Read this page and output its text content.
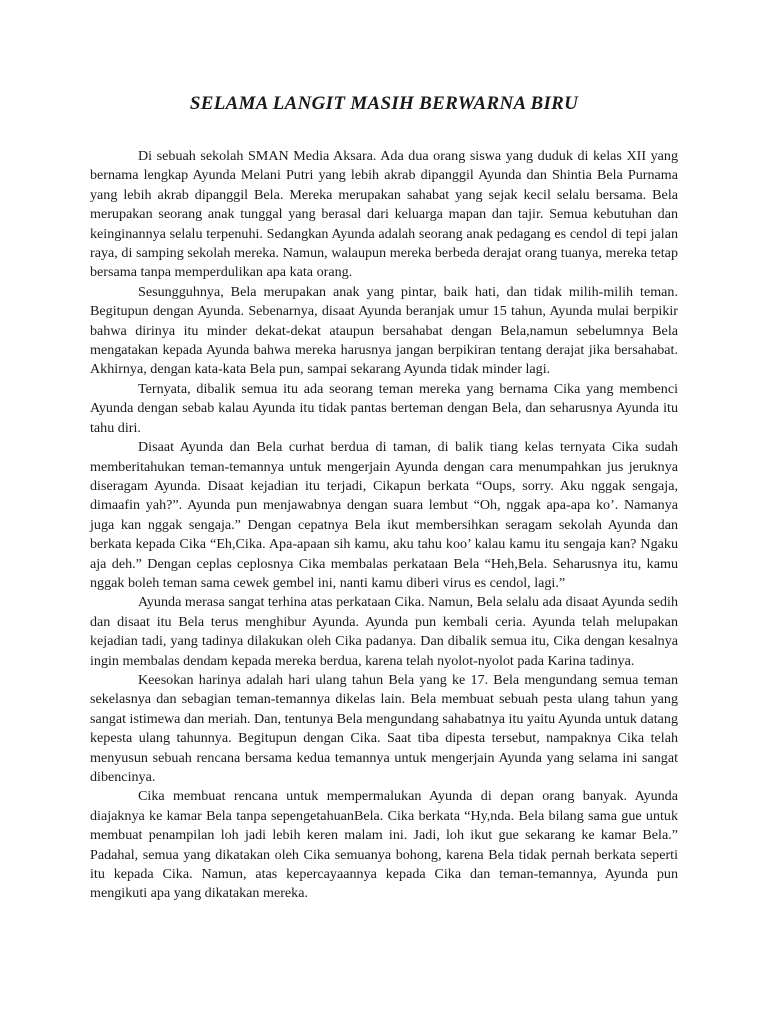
SELAMA LANGIT MASIH BERWARNA BIRU

Di sebuah sekolah SMAN Media Aksara. Ada dua orang siswa yang duduk di kelas XII yang bernama lengkap Ayunda Melani Putri yang lebih akrab dipanggil Ayunda dan Shintia Bela Purnama yang lebih akrab dipanggil Bela. Mereka merupakan sahabat yang sejak kecil selalu bersama. Bela merupakan seorang anak tunggal yang berasal dari keluarga mapan dan tajir. Semua kebutuhan dan keinginannya selalu terpenuhi. Sedangkan Ayunda adalah seorang anak pedagang es cendol di tepi jalan raya, di samping sekolah mereka. Namun, walaupun mereka berbeda derajat orang tuanya, mereka tetap bersama tanpa memperdulikan apa kata orang.

Sesungguhnya, Bela merupakan anak yang pintar, baik hati, dan tidak milih-milih teman. Begitupun dengan Ayunda. Sebenarnya, disaat Ayunda beranjak umur 15 tahun, Ayunda mulai berpikir bahwa dirinya itu minder dekat-dekat ataupun bersahabat dengan Bela,namun sebelumnya Bela mengatakan kepada Ayunda bahwa mereka harusnya jangan berpikiran tentang derajat jika bersahabat. Akhirnya, dengan kata-kata Bela pun, sampai sekarang Ayunda tidak minder lagi.

Ternyata, dibalik semua itu ada seorang teman mereka yang bernama Cika yang membenci Ayunda dengan sebab kalau Ayunda itu tidak pantas berteman dengan Bela, dan seharusnya Ayunda itu tahu diri.

Disaat Ayunda dan Bela curhat berdua di taman, di balik tiang kelas ternyata Cika sudah memberitahukan teman-temannya untuk mengerjain Ayunda dengan cara menumpahkan jus jeruknya diseragam Ayunda. Disaat kejadian itu terjadi, Cikapun berkata “Oups, sorry. Aku nggak sengaja, dimaafin yah?”. Ayunda pun menjawabnya dengan suara lembut “Oh, nggak apa-apa ko’. Namanya juga kan nggak sengaja.” Dengan cepatnya Bela ikut membersihkan seragam sekolah Ayunda dan berkata kepada Cika “Eh,Cika. Apa-apaan sih kamu, aku tahu koo’ kalau kamu itu sengaja kan? Ngaku aja deh.” Dengan ceplas ceplosnya Cika membalas perkataan Bela “Heh,Bela. Seharusnya itu, kamu nggak boleh teman sama cewek gembel ini, nanti kamu diberi virus es cendol, lagi.”

Ayunda merasa sangat terhina atas perkataan Cika. Namun, Bela selalu ada disaat Ayunda sedih dan disaat itu Bela terus menghibur Ayunda. Ayunda pun kembali ceria. Ayunda telah melupakan kejadian tadi, yang tadinya dilakukan oleh Cika padanya. Dan dibalik semua itu, Cika dengan kesalnya ingin membalas dendam kepada mereka berdua, karena telah nyolot-nyolot pada Karina tadinya.

Keesokan harinya adalah hari ulang tahun Bela yang ke 17. Bela mengundang semua teman sekelasnya dan sebagian teman-temannya dikelas lain. Bela membuat sebuah pesta ulang tahun yang sangat istimewa dan meriah. Dan, tentunya Bela mengundang sahabatnya itu yaitu Ayunda untuk datang kepesta ulang tahunnya. Begitupun dengan Cika. Saat tiba dipesta tersebut, nampaknya Cika telah menyusun sebuah rencana bersama kedua temannya untuk mengerjain Ayunda yang selama ini sangat dibencinya.

Cika membuat rencana untuk mempermalukan Ayunda di depan orang banyak. Ayunda diajaknya ke kamar Bela tanpa sepengetahuanBela. Cika berkata “Hy,nda. Bela bilang sama gue untuk membuat penampilan loh jadi lebih keren malam ini. Jadi, loh ikut gue sekarang ke kamar Bela.” Padahal, semua yang dikatakan oleh Cika semuanya bohong, karena Bela tidak pernah berkata seperti itu kepada Cika. Namun, atas kepercayaannya kepada Cika dan teman-temannya, Ayunda pun mengikuti apa yang dikatakan mereka.
